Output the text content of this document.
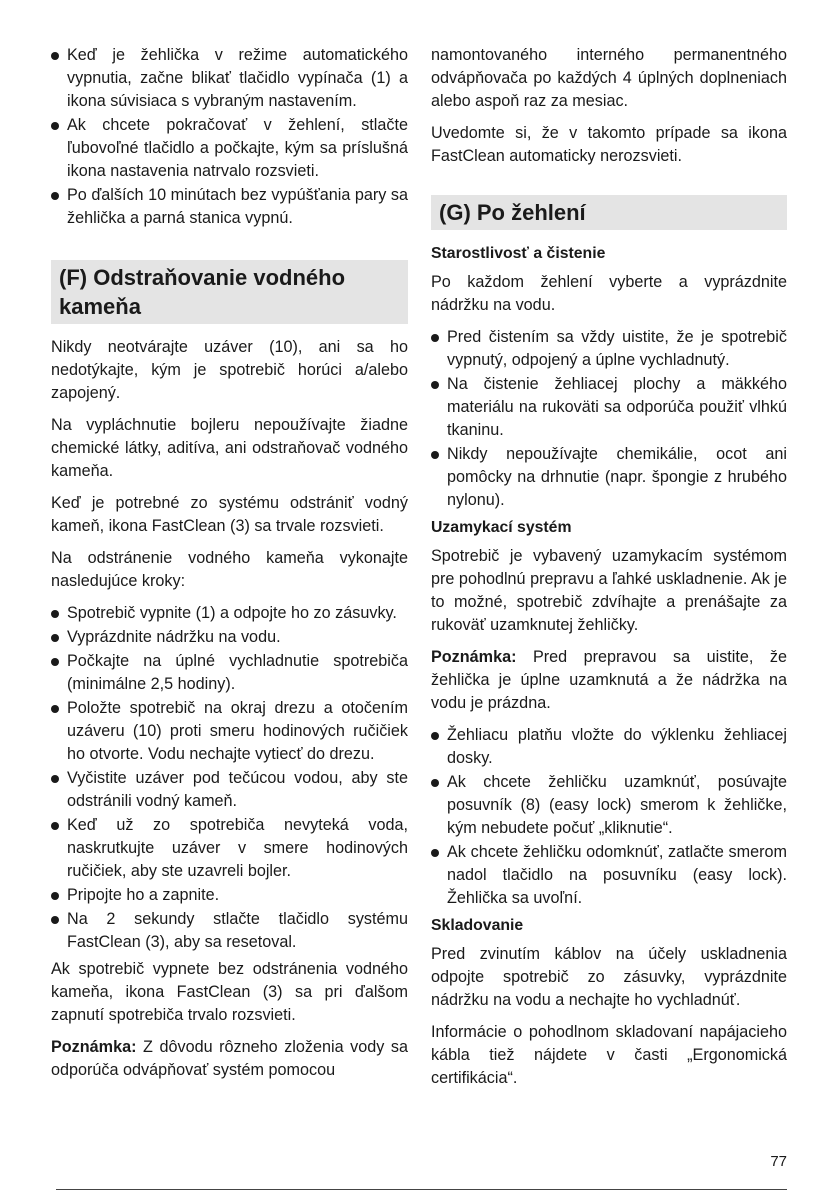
Keď je žehlička v režime automatického vypnutia, začne blikať tlačidlo vypínača (1) a ikona súvisiaca s vybraným nastavením.
Ak chcete pokračovať v žehlení, stlačte ľubovoľné tlačidlo a počkajte, kým sa príslušná ikona nastavenia natrvalo rozsvieti.
Po ďalších 10 minútach bez vypúšťania pary sa žehlička a parná stanica vypnú.
(F) Odstraňovanie vodného kameňa

Nikdy neotvárajte uzáver (10), ani sa ho nedotýkajte, kým je spotrebič horúci a/alebo zapojený.

Na vypláchnutie bojleru nepoužívajte žiadne chemické látky, aditíva, ani odstraňovač vodného kameňa.

Keď je potrebné zo systému odstrániť vodný kameň, ikona FastClean (3) sa trvale rozsvieti.

Na odstránenie vodného kameňa vykonajte nasledujúce kroky:

Spotrebič vypnite (1) a odpojte ho zo zásuvky.
Vyprázdnite nádržku na vodu.
Počkajte na úplné vychladnutie spotrebiča (minimálne 2,5 hodiny).
Položte spotrebič na okraj drezu a otočením uzáveru (10) proti smeru hodinových ručičiek ho otvorte. Vodu nechajte vytiecť do drezu.
Vyčistite uzáver pod tečúcou vodou, aby ste odstránili vodný kameň.
Keď už zo spotrebiča nevyteká voda, naskrutkujte uzáver v smere hodinových ručičiek, aby ste uzavreli bojler.
Pripojte ho a zapnite.
Na 2 sekundy stlačte tlačidlo systému FastClean (3), aby sa resetoval.

Ak spotrebič vypnete bez odstránenia vodného kameňa, ikona FastClean (3) sa pri ďalšom zapnutí spotrebiča trvalo rozsvieti.

Poznámka: Z dôvodu rôzneho zloženia vody sa odporúča odvápňovať systém pomocou

namontovaného interného permanentného odvápňovača po každých 4 úplných doplneniach alebo aspoň raz za mesiac.

Uvedomte si, že v takomto prípade sa ikona FastClean automaticky nerozsvieti.

(G) Po žehlení
Starostlivosť a čistenie

Po každom žehlení vyberte a vyprázdnite nádržku na vodu.

Pred čistením sa vždy uistite, že je spotrebič vypnutý, odpojený a úplne vychladnutý.
Na čistenie žehliacej plochy a mäkkého materiálu na rukoväti sa odporúča použiť vlhkú tkaninu.
Nikdy nepoužívajte chemikálie, ocot ani pomôcky na drhnutie (napr. špongie z hrubého nylonu).
Uzamykací systém

Spotrebič je vybavený uzamykacím systémom pre pohodlnú prepravu a ľahké uskladnenie. Ak je to možné, spotrebič zdvíhajte a prenášajte za rukoväť uzamknutej žehličky.

Poznámka: Pred prepravou sa uistite, že žehlička je úplne uzamknutá a že nádržka na vodu je prázdna.

Žehliacu platňu vložte do výklenku žehliacej dosky.
Ak chcete žehličku uzamknúť, posúvajte posuvník (8) (easy lock) smerom k žehličke, kým nebudete počuť „kliknutie“.
Ak chcete žehličku odomknúť, zatlačte smerom nadol tlačidlo na posuvníku (easy lock). Žehlička sa uvoľní.
Skladovanie

Pred zvinutím káblov na účely uskladnenia odpojte spotrebič zo zásuvky, vyprázdnite nádržku na vodu a nechajte ho vychladnúť.

Informácie o pohodlnom skladovaní napájacieho kábla tiež nájdete v časti „Ergonomická certifikácia“.

77
